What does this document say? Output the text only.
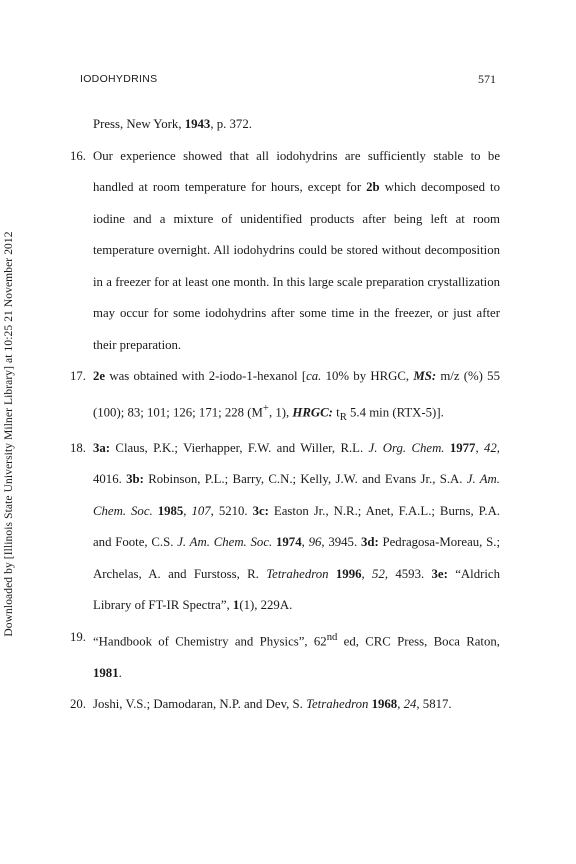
IODOHYDRINS	571
Downloaded by [Illinois State University Milner Library] at 10:25 21 November 2012
Press, New York, 1943, p. 372.
16. Our experience showed that all iodohydrins are sufficiently stable to be handled at room temperature for hours, except for 2b which decomposed to iodine and a mixture of unidentified products after being left at room temperature overnight. All iodohydrins could be stored without decomposition in a freezer for at least one month. In this large scale preparation crystallization may occur for some iodohydrins after some time in the freezer, or just after their preparation.
17. 2e was obtained with 2-iodo-1-hexanol [ca. 10% by HRGC, MS: m/z (%) 55 (100); 83; 101; 126; 171; 228 (M+, 1), HRGC: $t_R$ 5.4 min (RTX-5)].
18. 3a: Claus, P.K.; Vierhapper, F.W. and Willer, R.L. J. Org. Chem. 1977, 42, 4016. 3b: Robinson, P.L.; Barry, C.N.; Kelly, J.W. and Evans Jr., S.A. J. Am. Chem. Soc. 1985, 107, 5210. 3c: Easton Jr., N.R.; Anet, F.A.L.; Burns, P.A. and Foote, C.S. J. Am. Chem. Soc. 1974, 96, 3945. 3d: Pedragosa-Moreau, S.; Archelas, A. and Furstoss, R. Tetrahedron 1996, 52, 4593. 3e: “Aldrich Library of FT-IR Spectra”, 1(1), 229A.
19. “Handbook of Chemistry and Physics”, 62nd ed, CRC Press, Boca Raton, 1981.
20. Joshi, V.S.; Damodaran, N.P. and Dev, S. Tetrahedron 1968, 24, 5817.
